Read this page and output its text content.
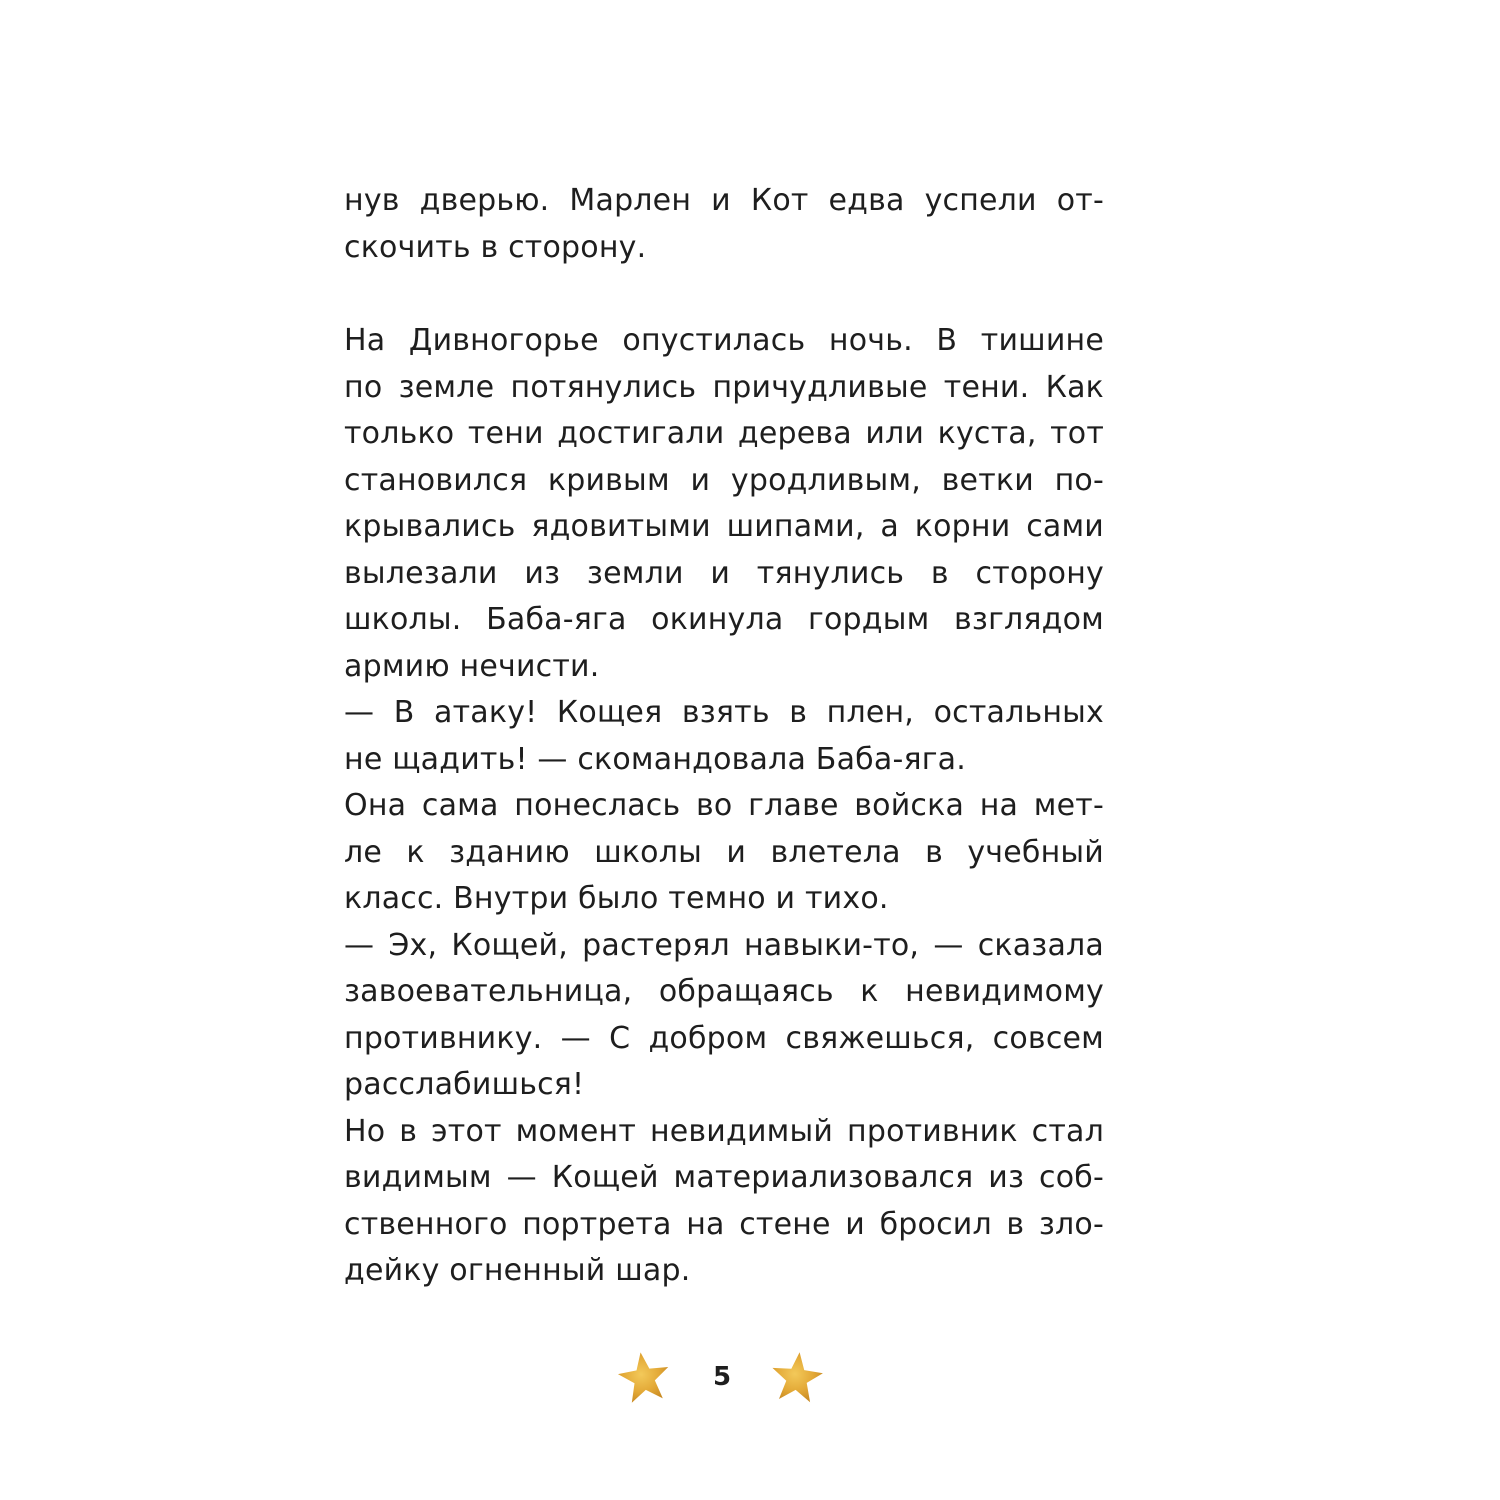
нув дверью. Марлен и Кот едва успели от-
скочить в сторону.
На Дивногорье опустилась ночь. В тишине
по земле потянулись причудливые тени. Как
только тени достигали дерева или куста, тот
становился кривым и уродливым, ветки по-
крывались ядовитыми шипами, а корни сами
вылезали из земли и тянулись в сторону
школы. Баба-яга окинула гордым взглядом
армию нечисти.
— В атаку! Кощея взять в плен, остальных
не щадить! — скомандовала Баба-яга.
Она сама понеслась во главе войска на мет-
ле к зданию школы и влетела в учебный
класс. Внутри было темно и тихо.
— Эх, Кощей, растерял навыки-то, — сказала
завоевательница, обращаясь к невидимому
противнику. — С добром свяжешься, совсем
расслабишься!
Но в этот момент невидимый противник стал
видимым — Кощей материализовался из соб-
ственного портрета на стене и бросил в зло-
дейку огненный шар.
5
